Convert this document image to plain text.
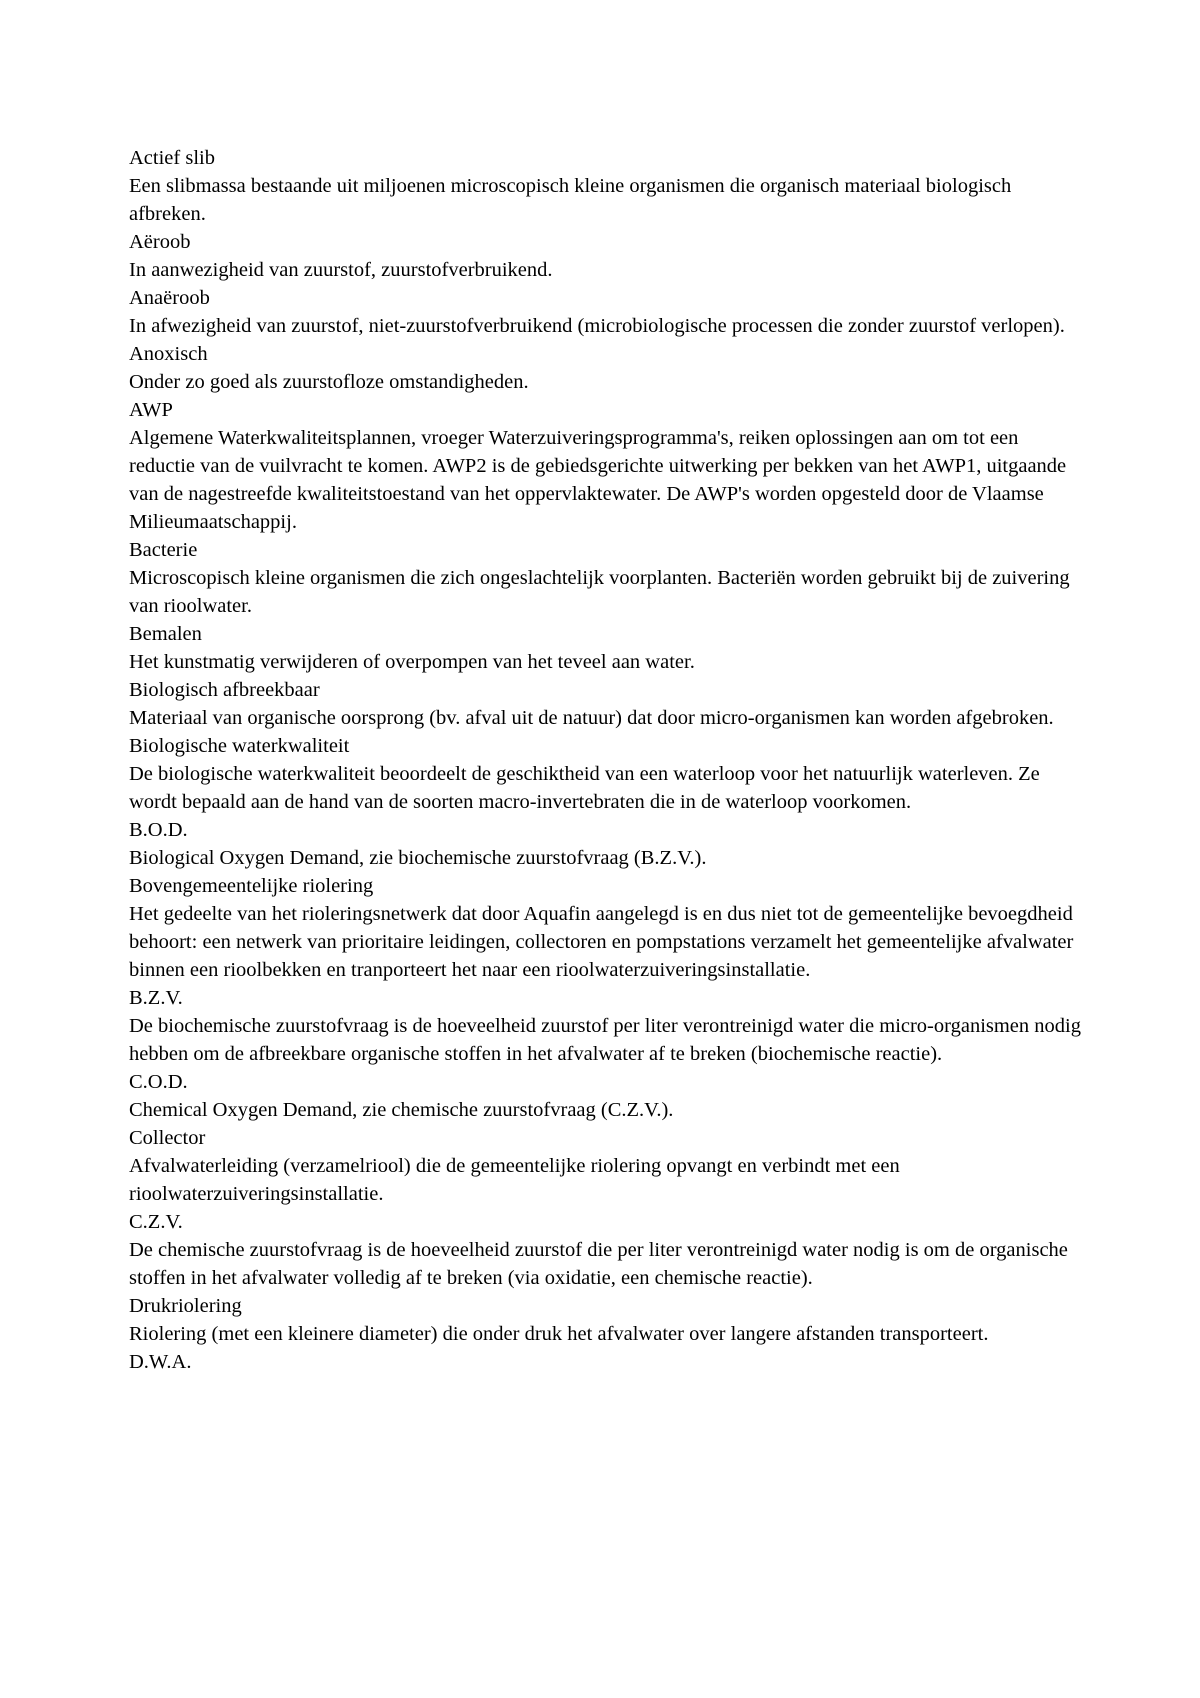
Actief slib

Een slibmassa bestaande uit miljoenen microscopisch kleine organismen die organisch materiaal biologisch afbreken.

Aëroob

In aanwezigheid van zuurstof, zuurstofverbruikend.

Anaëroob

In afwezigheid van zuurstof, niet-zuurstofverbruikend (microbiologische processen die zonder zuurstof verlopen).

Anoxisch

Onder zo goed als zuurstofloze omstandigheden.

AWP

Algemene Waterkwaliteitsplannen, vroeger Waterzuiveringsprogramma's, reiken oplossingen aan om tot een reductie van de vuilvracht te komen. AWP2 is de gebiedsgerichte uitwerking per bekken van het AWP1, uitgaande van de nagestreefde kwaliteitstoestand van het oppervlaktewater. De AWP's worden opgesteld door de Vlaamse Milieumaatschappij.

Bacterie

Microscopisch kleine organismen die zich ongeslachtelijk voorplanten. Bacteriën worden gebruikt bij de zuivering van rioolwater.

Bemalen

Het kunstmatig verwijderen of overpompen van het teveel aan water.

Biologisch afbreekbaar

Materiaal van organische oorsprong (bv. afval uit de natuur) dat door micro-organismen kan worden afgebroken.

Biologische waterkwaliteit

De biologische waterkwaliteit beoordeelt de geschiktheid van een waterloop voor het natuurlijk waterleven. Ze wordt bepaald aan de hand van de soorten macro-invertebraten die in de waterloop voorkomen.

B.O.D.

Biological Oxygen Demand, zie biochemische zuurstofvraag (B.Z.V.).

Bovengemeentelijke riolering

Het gedeelte van het rioleringsnetwerk dat door Aquafin aangelegd is en dus niet tot de gemeentelijke bevoegdheid behoort: een netwerk van prioritaire leidingen, collectoren en pompstations verzamelt het gemeentelijke afvalwater binnen een rioolbekken en tranporteert het naar een rioolwaterzuiveringsinstallatie.

B.Z.V.

De biochemische zuurstofvraag is de hoeveelheid zuurstof per liter verontreinigd water die micro-organismen nodig hebben om de afbreekbare organische stoffen in het afvalwater af te breken (biochemische reactie).

C.O.D.

Chemical Oxygen Demand, zie chemische zuurstofvraag (C.Z.V.).

Collector

Afvalwaterleiding (verzamelriool) die de gemeentelijke riolering opvangt en verbindt met een rioolwaterzuiveringsinstallatie.

C.Z.V.

De chemische zuurstofvraag is de hoeveelheid zuurstof die per liter verontreinigd water nodig is om de organische stoffen in het afvalwater volledig af te breken (via oxidatie, een chemische reactie).

Drukriolering

Riolering (met een kleinere diameter) die onder druk het afvalwater over langere afstanden transporteert.

D.W.A.
